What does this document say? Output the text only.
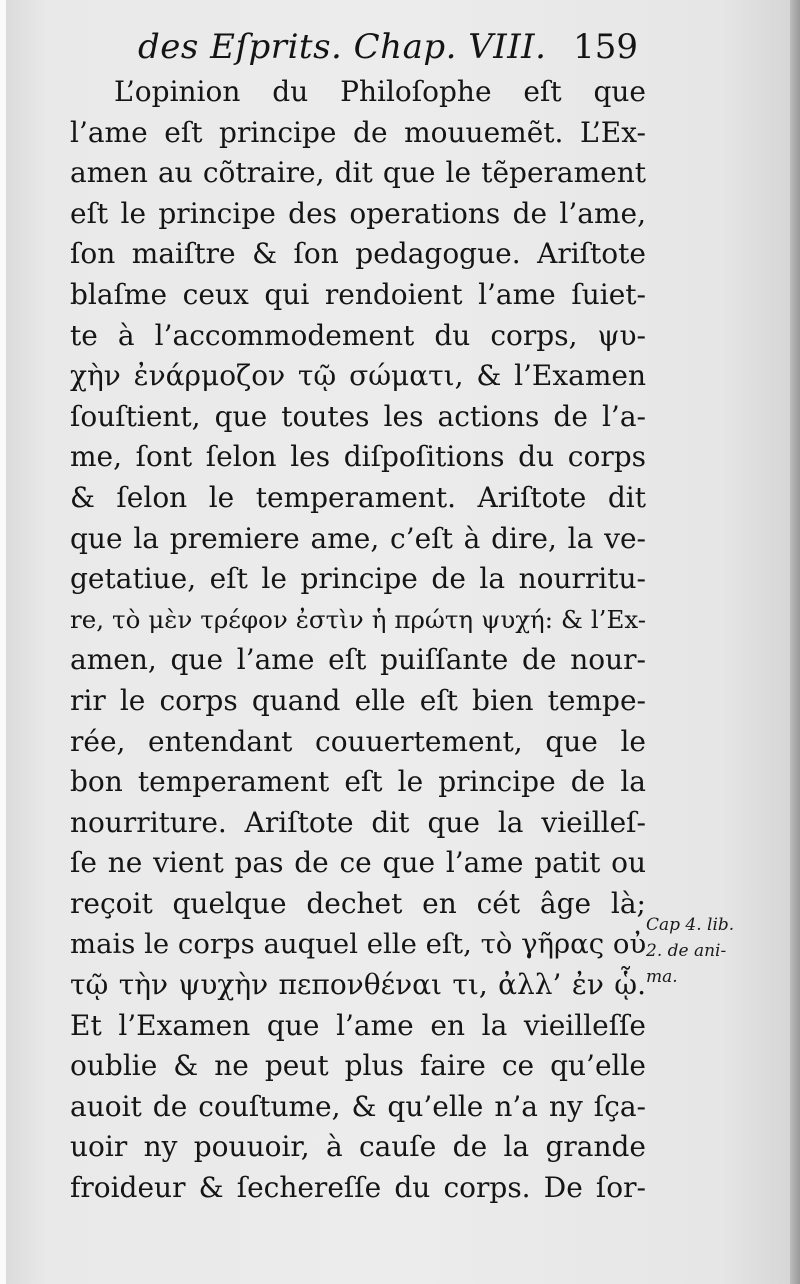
des Eſprits. Chap. VIII. 159
L’opinion du Philoſophe eſt que
l’ame eſt principe de mouuemẽt. L’Ex-
amen au cõtraire, dit que le tẽperament
eſt le principe des operations de l’ame,
ſon maiſtre & ſon pedagogue. Ariſtote
blaſme ceux qui rendoient l’ame ſuiet-
te à l’accommodement du corps, ψυ-
χὴν ἐνάρμοζον τῷ σώματι, & l’Examen
ſouſtient, que toutes les actions de l’a-
me, ſont ſelon les diſpoſitions du corps
& ſelon le temperament. Ariſtote dit
que la premiere ame, c’eſt à dire, la ve-
getatiue, eſt le principe de la nourritu-
re, τὸ μὲν τρέφον ἐστὶν ἡ πρώτη ψυχή: & l’Ex-
amen, que l’ame eſt puiſſante de nour-
rir le corps quand elle eſt bien tempe-
rée, entendant couuertement, que le
bon temperament eſt le principe de la
nourriture. Ariſtote dit que la vieilleſ-
ſe ne vient pas de ce que l’ame patit ou
reçoit quelque dechet en cét âge là;
mais le corps auquel elle eſt, τὸ γῆρας οὐ
τῷ τὴν ψυχὴν πεπονθέναι τι, ἀλλ’ ἐν ᾧ.
Et l’Examen que l’ame en la vieilleſſe
oublie & ne peut plus faire ce qu’elle
auoit de couſtume, & qu’elle n’a ny ſça-
uoir ny pouuoir, à cauſe de la grande
froideur & ſechereſſe du corps. De ſor-
Cap 4. lib.
2. de ani-
ma.
